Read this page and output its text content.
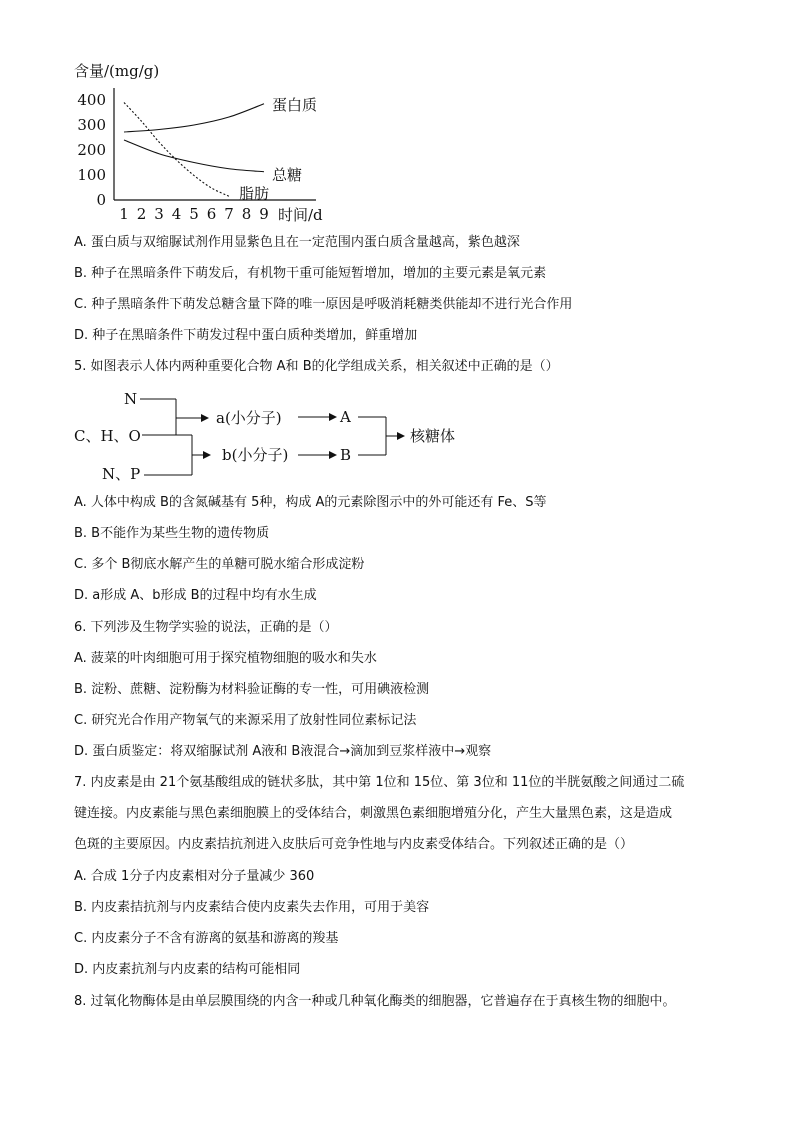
含量/(mg/g)
0
100
200
300
400
1 2 3 4 5 6 7 8 9 时间/d
蛋白质
总糖
脂肪
A. 蛋白质与双缩脲试剂作用显紫色且在一定范围内蛋白质含量越高，紫色越深
B. 种子在黑暗条件下萌发后，有机物干重可能短暂增加，增加的主要元素是氧元素
C. 种子黑暗条件下萌发总糖含量下降的唯一原因是呼吸消耗糖类供能却不进行光合作用
D. 种子在黑暗条件下萌发过程中蛋白质种类增加，鲜重增加
5. 如图表示人体内两种重要化合物 A和 B的化学组成关系，相关叙述中正确的是（）
N
C、H、O
N、P
a(小分子)
b(小分子)
A
B
核糖体
A. 人体中构成 B的含氮碱基有 5种，构成 A的元素除图示中的外可能还有 Fe、S等
B. B不能作为某些生物的遗传物质
C. 多个 B彻底水解产生的单糖可脱水缩合形成淀粉
D. a形成 A、b形成 B的过程中均有水生成
6. 下列涉及生物学实验的说法，正确的是（）
A. 菠菜的叶肉细胞可用于探究植物细胞的吸水和失水
B. 淀粉、蔗糖、淀粉酶为材料验证酶的专一性，可用碘液检测
C. 研究光合作用产物氧气的来源采用了放射性同位素标记法
D. 蛋白质鉴定：将双缩脲试剂 A液和 B液混合→滴加到豆浆样液中→观察
7. 内皮素是由 21个氨基酸组成的链状多肽，其中第 1位和 15位、第 3位和 11位的半胱氨酸之间通过二硫
键连接。内皮素能与黑色素细胞膜上的受体结合，刺激黑色素细胞增殖分化，产生大量黑色素，这是造成
色斑的主要原因。内皮素拮抗剂进入皮肤后可竞争性地与内皮素受体结合。下列叙述正确的是（）
A. 合成 1分子内皮素相对分子量减少 360
B. 内皮素拮抗剂与内皮素结合使内皮素失去作用，可用于美容
C. 内皮素分子不含有游离的氨基和游离的羧基
D. 内皮素抗剂与内皮素的结构可能相同
8. 过氧化物酶体是由单层膜围绕的内含一种或几种氧化酶类的细胞器，它普遍存在于真核生物的细胞中。
